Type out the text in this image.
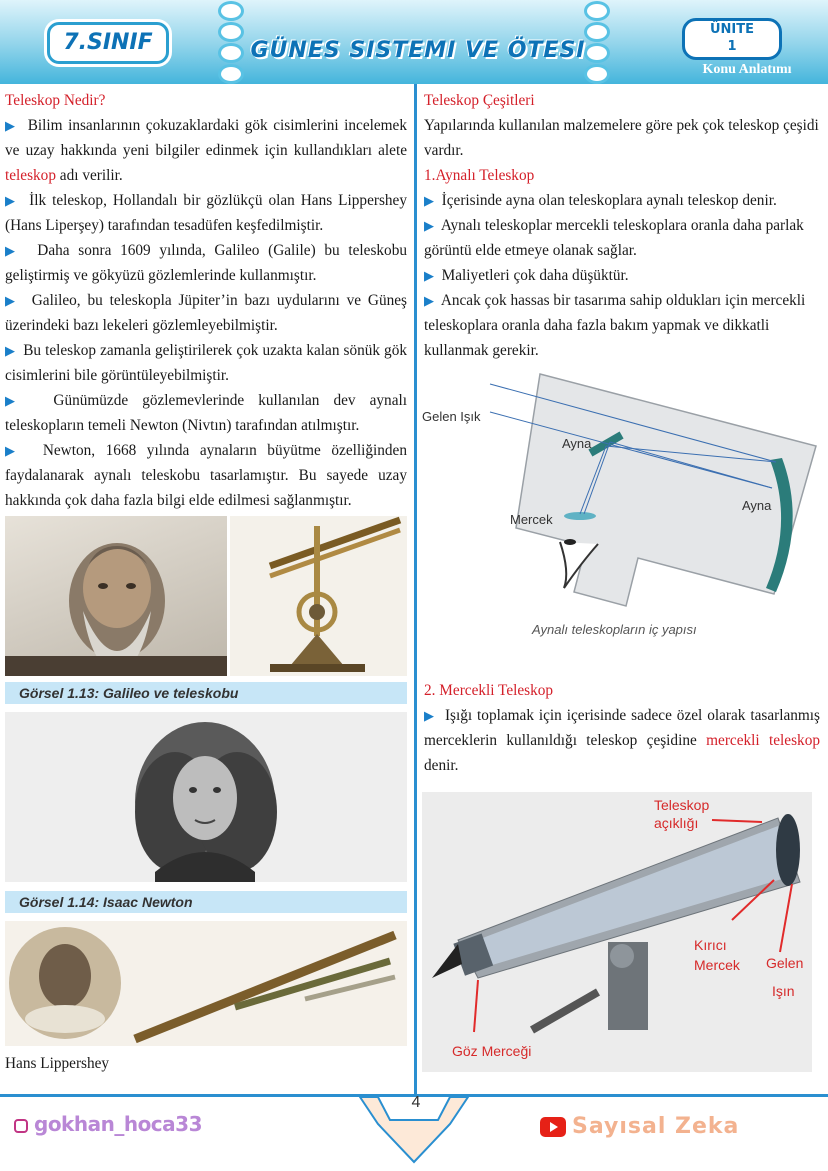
7.SINIF	GÜNES SISTEMI VE ÖTESI
ÜNITE
1
Konu Anlatımı

Teleskop Nedir?

▶ Bilim insanlarının çokuzaklardaki gök cisimlerini incelemek ve uzay hakkında yeni bilgiler edinmek için kullandıkları alete teleskop adı verilir.

▶ İlk teleskop, Hollandalı bir gözlükçü olan Hans Lippershey (Hans Liperşey) tarafından tesadüfen keşfedilmiştir.

▶ Daha sonra 1609 yılında, Galileo (Galile) bu teleskobu geliştirmiş ve gökyüzü gözlemlerinde kullanmıştır.

▶ Galileo, bu teleskopla Jüpiter’in bazı uydularını ve Güneş üzerindeki bazı lekeleri gözlemleyebilmiştir.

▶ Bu teleskop zamanla geliştirilerek çok uzakta kalan sönük gök cisimlerini bile görüntüleyebilmiştir.

▶ Günümüzde gözlemevlerinde kullanılan dev aynalı teleskopların temeli Newton (Nivtın) tarafından atılmıştır.

▶ Newton, 1668 yılında aynaların büyütme özelliğinden faydalanarak aynalı teleskobu tasarlamıştır. Bu sayede uzay hakkında çok daha fazla bilgi elde edilmesi sağlanmıştır.

Görsel 1.13: Galileo ve teleskobu
Görsel 1.14: Isaac Newton
Hans Lippershey

Teleskop Çeşitleri

Yapılarında kullanılan malzemelere göre pek çok teleskop çeşidi vardır.

1.Aynalı Teleskop

▶ İçerisinde ayna olan teleskoplara aynalı teleskop denir.

▶ Aynalı teleskoplar mercekli teleskoplara oranla daha parlak görüntü elde etmeye olanak sağlar.

▶ Maliyetleri çok daha düşüktür.

▶ Ancak çok hassas bir tasarıma sahip oldukları için mercekli teleskoplara oranla daha fazla bakım yapmak ve dikkatli kullanmak gerekir.

Gelen Işık
Ayna
Ayna
Mercek
Aynalı teleskopların iç yapısı

2. Mercekli Teleskop

▶ Işığı toplamak için içerisinde sadece özel olarak tasarlanmış merceklerin kullanıldığı teleskop çeşidine mercekli teleskop denir.

Teleskop
açıklığı
Kırıcı
Mercek Gelen
Işın
Göz Merceği
4
gokhan_hoca33	Sayısal Zeka
